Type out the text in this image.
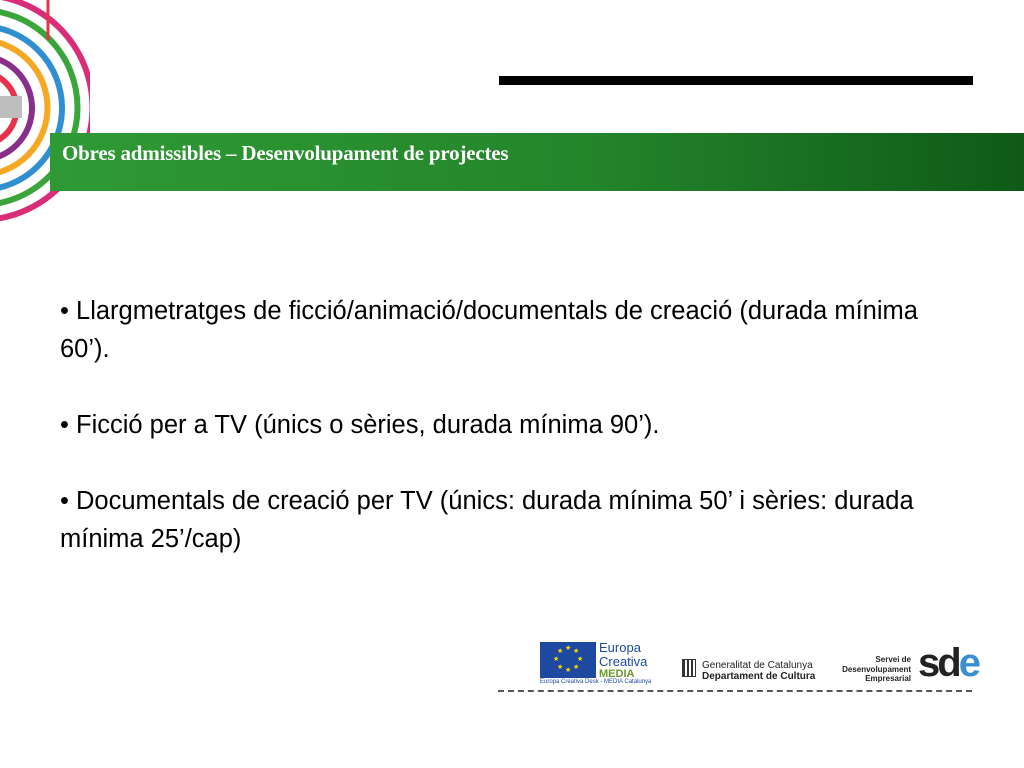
Obres admissibles – Desenvolupament de projectes

• Llargmetratges de ficció/animació/documentals de creació (durada mínima 60’).

• Ficció per a TV (únics o sèries, durada mínima 90’).

• Documentals de creació per TV (únics: durada mínima 50’ i sèries: durada mínima 25’/cap)

★ ★
★
★
★
★
★
★	Europa
Creativa
MEDIA
Europa Creativa Desk - MEDIA Catalunya
Generalitat de Catalunya
Departament de Cultura
Servei de
Desenvolupament
Empresarial sde
